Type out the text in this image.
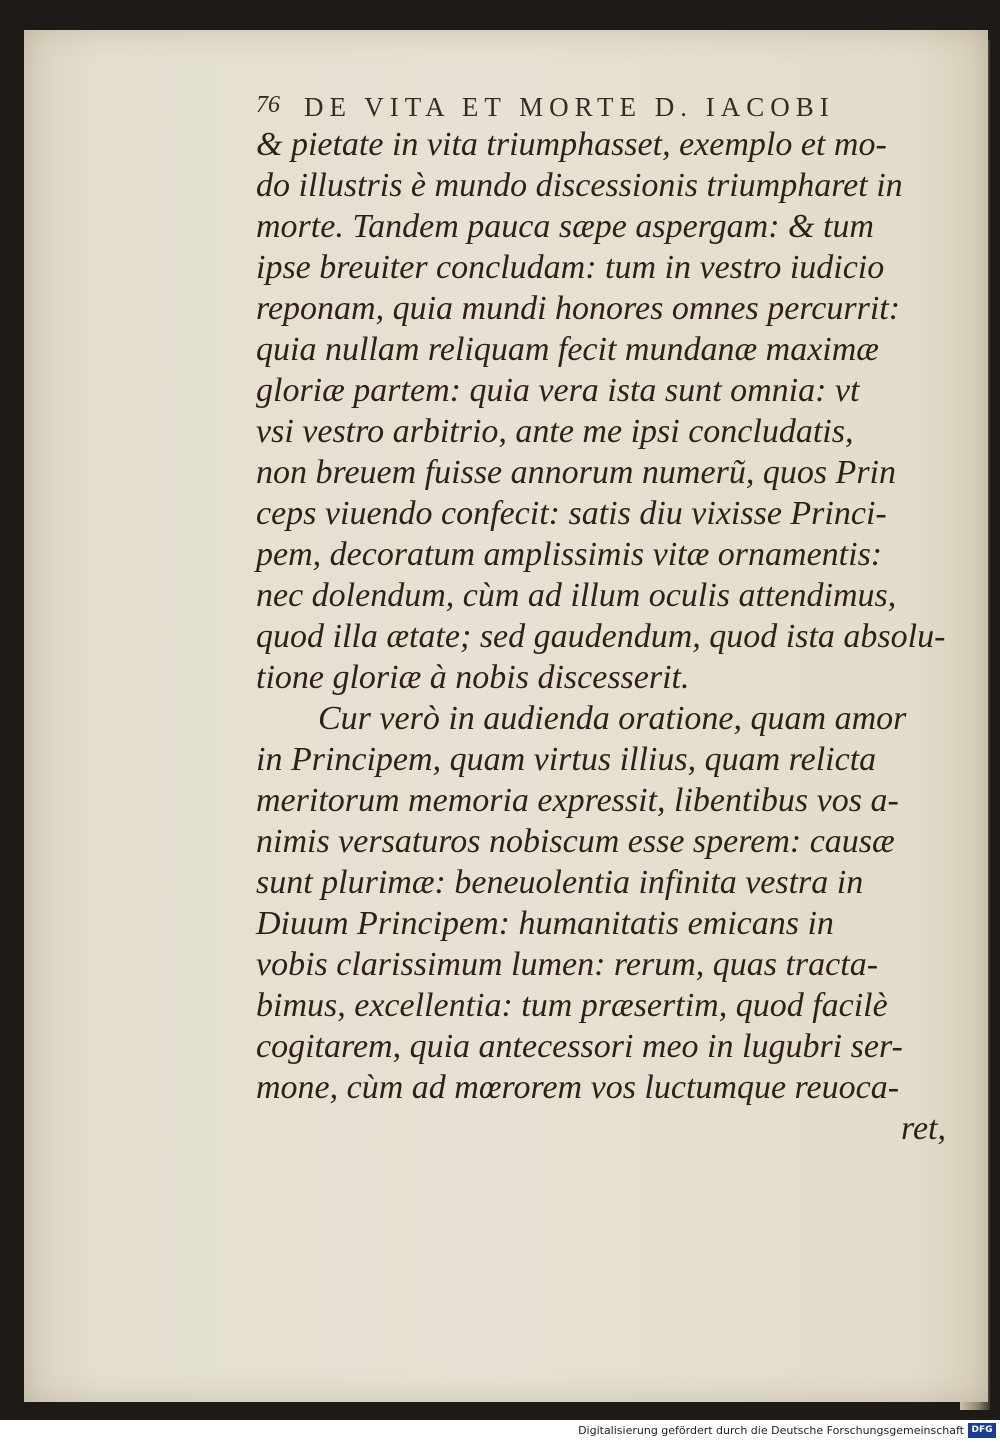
76 DE VITA ET MORTE D. IACOBI
& pietate in vita triumphasset, exemplo et mo-
do illustris è mundo discessionis triumpharet in
morte. Tandem pauca sæpe aspergam: & tum
ipse breuiter concludam: tum in vestro iudicio
reponam, quia mundi honores omnes percurrit:
quia nullam reliquam fecit mundanæ maximæ
gloriæ partem: quia vera ista sunt omnia: vt
vsi vestro arbitrio, ante me ipsi concludatis,
non breuem fuisse annorum numerũ, quos Prin
ceps viuendo confecit: satis diu vixisse Princi-
pem, decoratum amplissimis vitæ ornamentis:
nec dolendum, cùm ad illum oculis attendimus,
quod illa ætate; sed gaudendum, quod ista absolu-
tione gloriæ à nobis discesserit.
Cur verò in audienda oratione, quam amor
in Principem, quam virtus illius, quam relicta
meritorum memoria expressit, libentibus vos a-
nimis versaturos nobiscum esse sperem: causæ
sunt plurimæ: beneuolentia infinita vestra in
Diuum Principem: humanitatis emicans in
vobis clarissimum lumen: rerum, quas tracta-
bimus, excellentia: tum præsertim, quod facilè
cogitarem, quia antecessori meo in lugubri ser-
mone, cùm ad mœrorem vos luctumque reuoca-
ret,
Digitalisierung gefördert durch die Deutsche Forschungsgemeinschaft DFG
